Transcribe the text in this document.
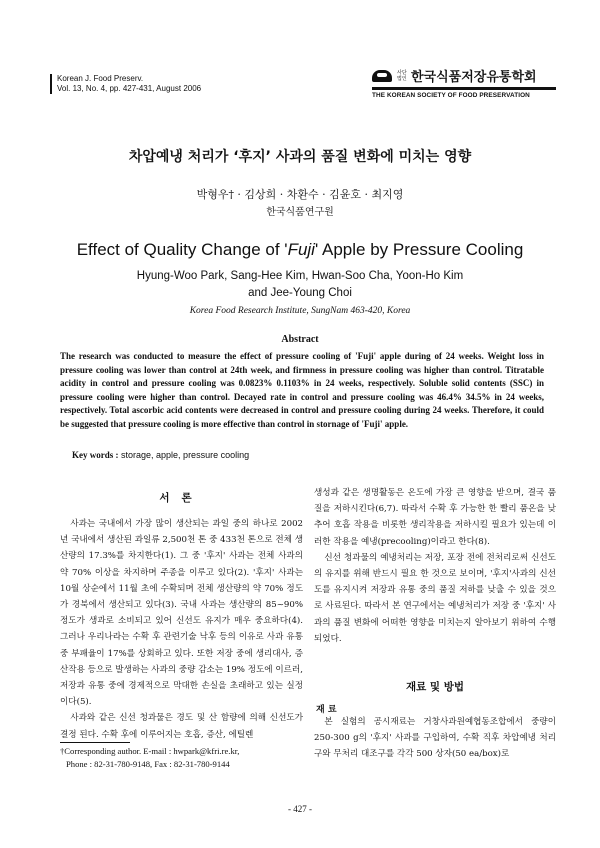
Korean J. Food Preserv.
Vol. 13, No. 4, pp. 427-431, August 2006
사단 법인 한국식품저장유통학회
THE KOREAN SOCIETY OF FOOD PRESERVATION
차압예냉 처리가 ‘후지’ 사과의 품질 변화에 미치는 영향
박형우† · 김상희 · 차환수 · 김윤호 · 최지영
한국식품연구원
Effect of Quality Change of 'Fuji' Apple by Pressure Cooling
Hyung-Woo Park, Sang-Hee Kim, Hwan-Soo Cha, Yoon-Ho Kim
and Jee-Young Choi
Korea Food Research Institute, SungNam 463-420, Korea
Abstract
The research was conducted to measure the effect of pressure cooling of 'Fuji' apple during of 24 weeks. Weight loss in pressure cooling was lower than control at 24th week, and firmness in pressure cooling was higher than control. Titratable acidity in control and pressure cooling was 0.0823% 0.1103% in 24 weeks, respectively. Soluble solid contents (SSC) in pressure cooling were higher than control. Decayed rate in control and pressure cooling was 46.4% 34.5% in 24 weeks, respectively. Total ascorbic acid contents were decreased in control and pressure cooling during 24 weeks. Therefore, it could be suggested that pressure cooling is more effective than control in stornage of 'Fuji' apple.
Key words : storage, apple, pressure cooling
서론

사과는 국내에서 가장 많이 생산되는 과일 중의 하나로 2002년 국내에서 생산된 과일류 2,500천 톤 중 433천 톤으로 전체 생산량의 17.3%를 차지한다(1). 그 중 '후지' 사과는 전체 사과의 약 70% 이상을 차지하며 주종을 이루고 있다(2). '후지' 사과는 10월 상순에서 11월 초에 수확되며 전체 생산량의 약 70% 정도가 경북에서 생산되고 있다(3). 국내 사과는 생산량의 85~90% 정도가 생과로 소비되고 있어 신선도 유지가 매우 중요하다(4). 그러나 우리나라는 수확 후 관련기술 낙후 등의 이유로 사과 유통 중 부패율이 17%를 상회하고 있다. 또한 저장 중에 생리대사, 증산작용 등으로 발생하는 사과의 중량 감소는 19% 정도에 이르러, 저장과 유통 중에 경제적으로 막대한 손실을 초래하고 있는 실정이다(5).

사과와 같은 신선 청과물은 경도 및 산 함량에 의해 신선도가 결정 된다. 수확 후에 이루어지는 호흡, 증산, 에틸렌

생성과 같은 생명활동은 온도에 가장 큰 영향을 받으며, 결국 품질을 저하시킨다(6,7). 따라서 수확 후 가능한 한 빨리 품온을 낮추어 호흡 작용을 비롯한 생리작용을 저하시킬 필요가 있는데 이러한 작용을 예냉(precooling)이라고 한다(8).

신선 청과물의 예냉처리는 저장, 포장 전에 전처리로써 신선도의 유지를 위해 반드시 필요 한 것으로 보이며, '후지'사과의 신선도를 유지시켜 저장과 유통 중의 품질 저하를 낮출 수 있을 것으로 사료된다. 따라서 본 연구에서는 예냉처리가 저장 중 '후지' 사과의 품질 변화에 어떠한 영향을 미치는지 알아보기 위하여 수행되었다.

재료 및 방법
재 료

본 실험의 공시재료는 거창사과원예협동조합에서 중량이 250-300 g의 '후지' 사과를 구입하여, 수확 직후 차압예냉 처리구와 무처리 대조구를 각각 500 상자(50 ea/box)로

†Corresponding author. E-mail : hwpark@kfri.re.kr,
Phone : 82-31-780-9148, Fax : 82-31-780-9144
- 427 -
